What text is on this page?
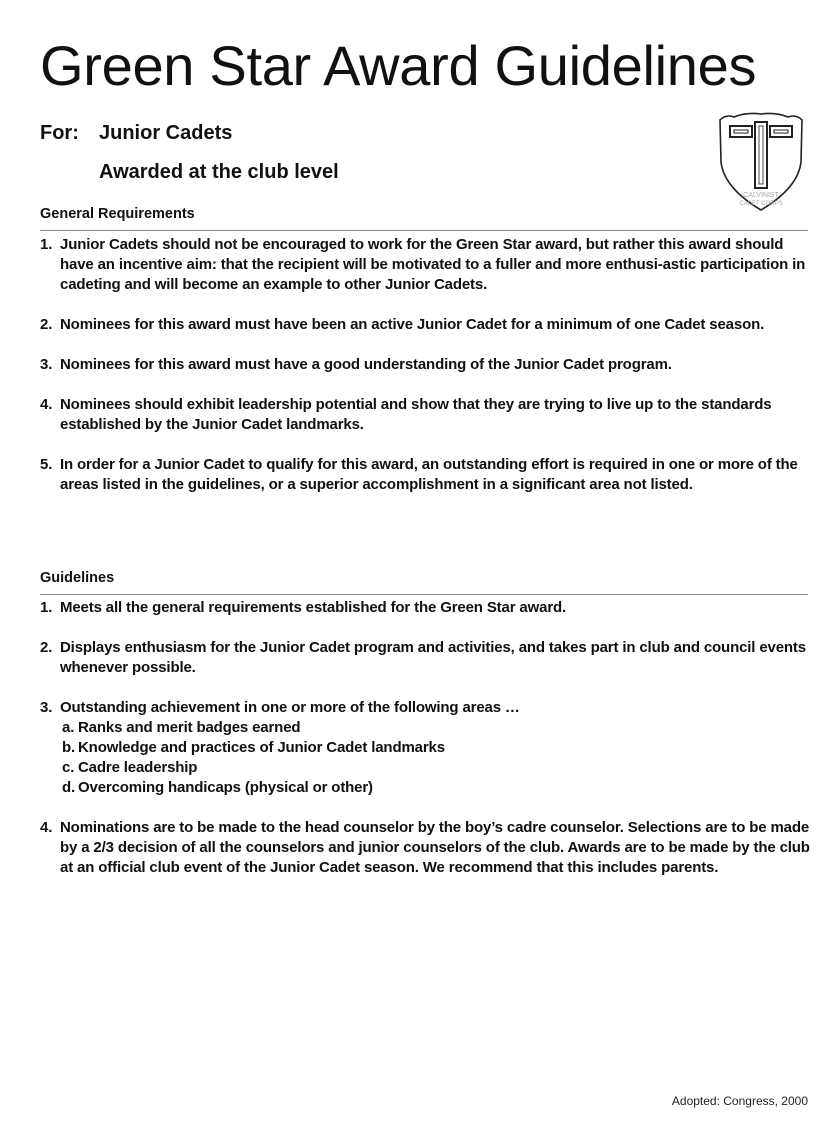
Green Star Award Guidelines
For: Junior Cadets
Awarded at the club level
CALVINIST
CADET CORPS
General Requirements
1. Junior Cadets should not be encouraged to work for the Green Star award, but rather this award should have an incentive aim: that the recipient will be motivated to a fuller and more enthusi-astic participation in cadeting and will become an example to other Junior Cadets.
2. Nominees for this award must have been an active Junior Cadet for a minimum of one Cadet season.
3. Nominees for this award must have a good understanding of the Junior Cadet program.
4. Nominees should exhibit leadership potential and show that they are trying to live up to the standards established by the Junior Cadet landmarks.
5. In order for a Junior Cadet to qualify for this award, an outstanding effort is required in one or more of the areas listed in the guidelines, or a superior accomplishment in a significant area not listed.
Guidelines
1. Meets all the general requirements established for the Green Star award.
2. Displays enthusiasm for the Junior Cadet program and activities, and takes part in club and council events whenever possible.
3. Outstanding achievement in one or more of the following areas …
a. Ranks and merit badges earned
b. Knowledge and practices of Junior Cadet landmarks
c. Cadre leadership
d. Overcoming handicaps (physical or other)
4. Nominations are to be made to the head counselor by the boy’s cadre counselor. Selections are to be made by a 2/3 decision of all the counselors and junior counselors of the club. Awards are to be made by the club at an official club event of the Junior Cadet season. We recommend that this includes parents.
Adopted: Congress, 2000
